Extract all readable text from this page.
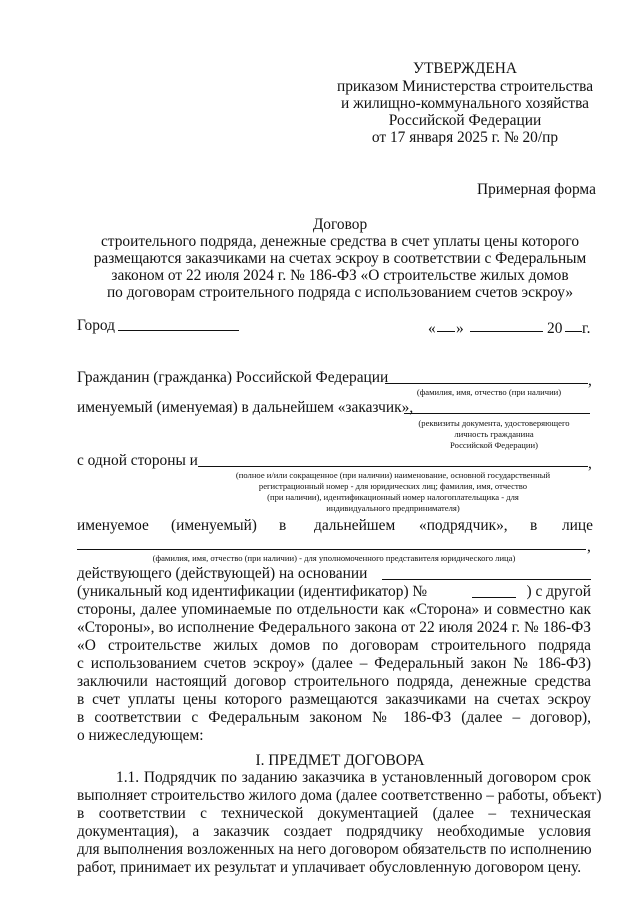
УТВЕРЖДЕНА
приказом Министерства строительства
и жилищно-коммунального хозяйства
Российской Федерации
от 17 января 2025 г. № 20/пр
Примерная форма
Договор
строительного подряда, денежные средства в счет уплаты цены которого
размещаются заказчиками на счетах эскроу в соответствии с Федеральным
законом от 22 июля 2024 г. № 186-ФЗ «О строительстве жилых домов
по договорам строительного подряда с использованием счетов эскроу»
Город	« »	20 г.
Гражданин (гражданка) Российской Федерации	,
(фамилия, имя, отчество (при наличии)
именуемый (именуемая) в дальнейшем «заказчик»,
(реквизиты документа, удостоверяющего
личность гражданина
Российской Федерации)
с одной стороны и	,
(полное и/или сокращенное (при наличии) наименование, основной государственный
регистрационный номер - для юридических лиц; фамилия, имя, отчество
(при наличии), идентификационный номер налогоплательщика - для
индивидуального предпринимателя)
именуемое (именуемый) в дальнейшем «подрядчик», в лице
,
(фамилия, имя, отчество (при наличии) - для уполномоченного представителя юридического лица)
действующего (действующей) на основании
(уникальный код идентификации (идентификатор) №	) с другой
стороны, далее упоминаемые по отдельности как «Сторона» и совместно как
«Стороны», во исполнение Федерального закона от 22 июля 2024 г. № 186-ФЗ
«О строительстве жилых домов по договорам строительного подряда
с использованием счетов эскроу» (далее – Федеральный закон № 186-ФЗ)
заключили настоящий договор строительного подряда, денежные средства
в счет уплаты цены которого размещаются заказчиками на счетах эскроу
в соответствии с Федеральным законом № 186-ФЗ (далее – договор),
о нижеследующем:
I. ПРЕДМЕТ ДОГОВОРА
1.1. Подрядчик по заданию заказчика в установленный договором срок
выполняет строительство жилого дома (далее соответственно – работы, объект)
в соответствии с технической документацией (далее – техническая
документация), а заказчик создает подрядчику необходимые условия
для выполнения возложенных на него договором обязательств по исполнению
работ, принимает их результат и уплачивает обусловленную договором цену.
